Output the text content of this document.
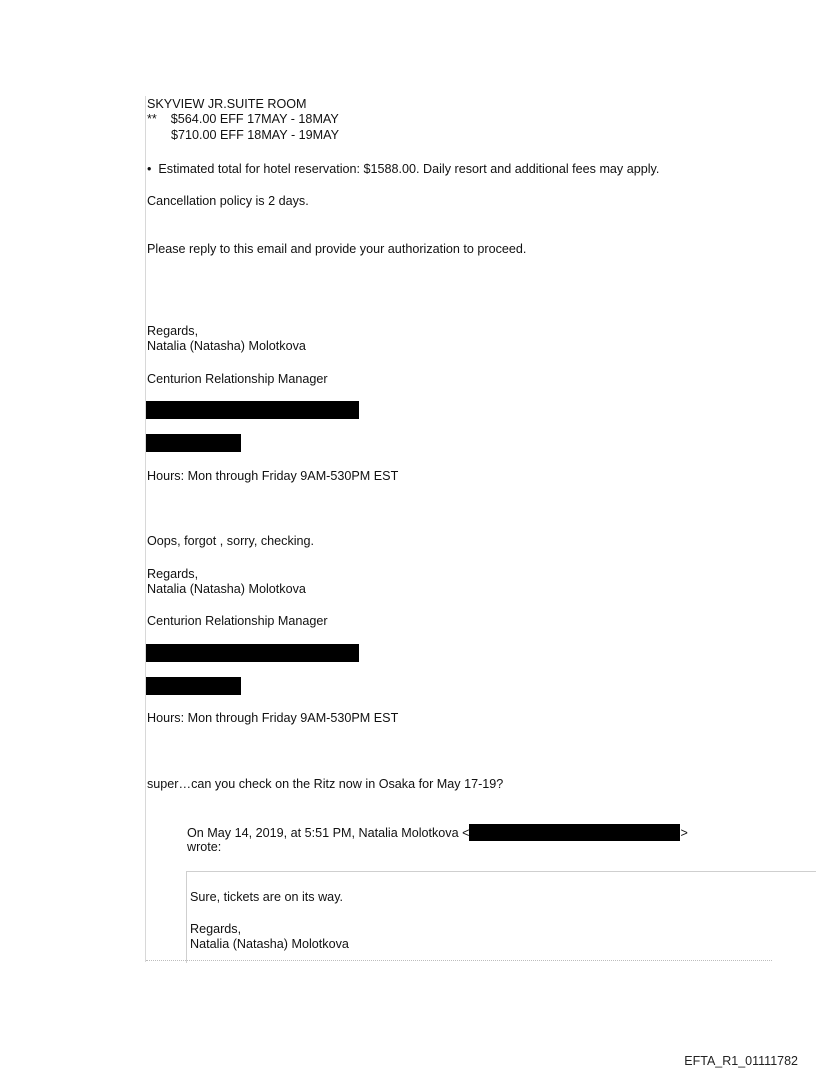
SKYVIEW JR.SUITE ROOM
**    $564.00 EFF 17MAY - 18MAY
$710.00 EFF 18MAY - 19MAY
•  Estimated total for hotel reservation: $1588.00. Daily resort and additional fees may apply.
Cancellation policy is 2 days.
Please reply to this email and provide your authorization to proceed.
Regards,
Natalia (Natasha) Molotkova
Centurion Relationship Manager
Hours: Mon through Friday 9AM-530PM EST
Oops, forgot , sorry, checking.
Regards,
Natalia (Natasha) Molotkova
Centurion Relationship Manager
Hours: Mon through Friday 9AM-530PM EST
super…can you check on the Ritz now in Osaka for May 17-19?
On May 14, 2019, at 5:51 PM, Natalia Molotkova <	>
wrote:
Sure, tickets are on its way.
Regards,
Natalia (Natasha) Molotkova
EFTA_R1_01111782
